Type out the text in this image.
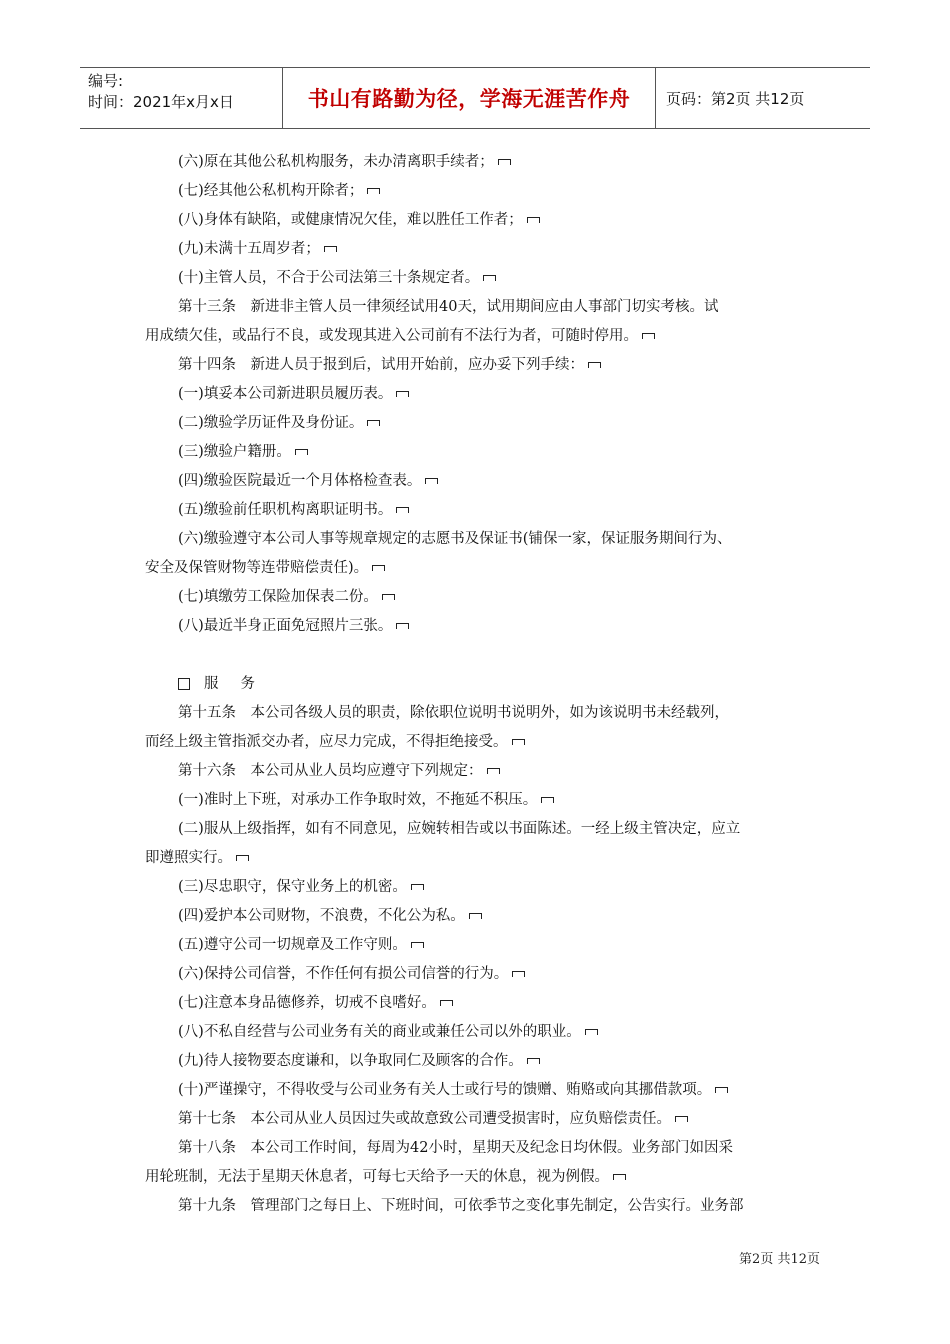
编号:
时间：2021年x月x日	书山有路勤为径，学海无涯苦作舟	页码：第2页 共12页
(六)原在其他公私机构服务，未办清离职手续者；
(七)经其他公私机构开除者；
(八)身体有缺陷，或健康情况欠佳，难以胜任工作者；
(九)未满十五周岁者；
(十)主管人员，不合于公司法第三十条规定者。
第十三条　新进非主管人员一律须经试用40天，试用期间应由人事部门切实考核。试
用成绩欠佳，或品行不良，或发现其进入公司前有不法行为者，可随时停用。
第十四条　新进人员于报到后，试用开始前，应办妥下列手续：
(一)填妥本公司新进职员履历表。
(二)缴验学历证件及身份证。
(三)缴验户籍册。
(四)缴验医院最近一个月体格检查表。
(五)缴验前任职机构离职证明书。
(六)缴验遵守本公司人事等规章规定的志愿书及保证书(铺保一家，保证服务期间行为、
安全及保管财物等连带赔偿责任)。
(七)填缴劳工保险加保表二份。
(八)最近半身正面免冠照片三张。
服务
第十五条　本公司各级人员的职责，除依职位说明书说明外，如为该说明书未经载列，
而经上级主管指派交办者，应尽力完成，不得拒绝接受。
第十六条　本公司从业人员均应遵守下列规定：
(一)准时上下班，对承办工作争取时效，不拖延不积压。
(二)服从上级指挥，如有不同意见，应婉转相告或以书面陈述。一经上级主管决定，应立
即遵照实行。
(三)尽忠职守，保守业务上的机密。
(四)爱护本公司财物，不浪费，不化公为私。
(五)遵守公司一切规章及工作守则。
(六)保持公司信誉，不作任何有损公司信誉的行为。
(七)注意本身品德修养，切戒不良嗜好。
(八)不私自经营与公司业务有关的商业或兼任公司以外的职业。
(九)待人接物要态度谦和，以争取同仁及顾客的合作。
(十)严谨操守，不得收受与公司业务有关人士或行号的馈赠、贿赂或向其挪借款项。
第十七条　本公司从业人员因过失或故意致公司遭受损害时，应负赔偿责任。
第十八条　本公司工作时间，每周为42小时，星期天及纪念日均休假。业务部门如因采
用轮班制，无法于星期天休息者，可每七天给予一天的休息，视为例假。
第十九条　管理部门之每日上、下班时间，可依季节之变化事先制定，公告实行。业务部
第2页 共12页
